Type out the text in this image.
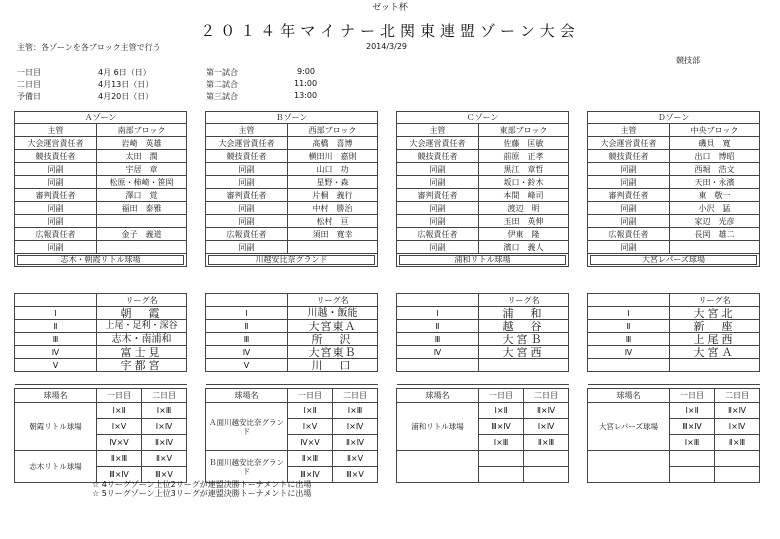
ゼット杯
２０１４年マイナー北関東連盟ゾーン大会
主管：各ゾーンを各ブロック主管で行う	2014/3/29
競技部
一日目	4月 6日（日）	第一試合	9:00
二日目	4月13日（日）	第二試合	11:00
予備日	4月20日（日）	第三試合	13:00
Ａゾーン	
主管	南部ブロック
大会運営責任者	岩崎　英雄
競技責任者	太田　潤
同副	宇居　章
同副	松原・柿崎・笹岡
審判責任者	澤口　覚
同副	福田　泰雅
同副	
広報責任者	金子　義道
同副	

志木・朝霞リトル球場	
Ｂゾーン	
主管	西部ブロック
大会運営責任者	髙橋　喜博
競技責任者	横田川　嘉則
同副	山口　功
同副	星野・森
審判責任者	片桐　義行
同副	中村　勝治
同副	松村　亘
広報責任者	須田　寛幸
同副	

川越安比奈グランド	
Ｃゾーン	
主管	東部ブロック
大会運営責任者	佐藤　匡敏
競技責任者	前原　正孝
同副	黒江　章哲
同副	坂口・鈴木
審判責任者	本間　峰司
同副	渡辺　明
同副	玉田　英伸
広報責任者	伊東　隆
同副	濱口　義人

浦和リトル球場	
Ｄゾーン	
主管	中央ブロック
大会運営責任者	磯貝　寛
競技責任者	出口　博昭
同副	西堀　浩文
同副	天田・永濱
審判責任者	東　敬一
同副	小沢　猛
同副	家辺　光彦
広報責任者	長岡　雄二
同副	

大宮レパーズ球場	
	リーグ名
Ⅰ	朝　霞
Ⅱ	上尾・足利・深谷
Ⅲ	志木・南浦和
Ⅳ	富士見
Ⅴ	宇都宮

球場名	一日目	二日目
朝霞リトル球場	Ⅰ×Ⅱ	Ⅰ×Ⅲ
	Ⅰ×Ⅴ	Ⅰ×Ⅳ
	Ⅳ×Ⅴ	Ⅱ×Ⅳ
志木リトル球場	Ⅱ×Ⅲ	Ⅱ×Ⅴ
	Ⅲ×Ⅳ	Ⅲ×Ⅴ
	リーグ名
Ⅰ	川越・飯能
Ⅱ	大宮東Ａ
Ⅲ	所　沢
Ⅳ	大宮東Ｂ
Ⅴ	川　口

球場名	一日目	二日目
Ａ面川越安比奈グランド	Ⅰ×Ⅱ	Ⅰ×Ⅲ
	Ⅰ×Ⅴ	Ⅰ×Ⅳ
	Ⅳ×Ⅴ	Ⅱ×Ⅳ
Ｂ面川越安比奈グランド	Ⅱ×Ⅲ	Ⅱ×Ⅴ
	Ⅲ×Ⅳ	Ⅲ×Ⅴ
	リーグ名
Ⅰ	浦　和
Ⅱ	越　谷
Ⅲ	大宮Ｂ
Ⅳ	大宮西

球場名	一日目	二日目
浦和リトル球場	Ⅰ×Ⅱ	Ⅱ×Ⅳ
	Ⅲ×Ⅳ	Ⅰ×Ⅳ
	Ⅰ×Ⅲ	Ⅱ×Ⅲ

	リーグ名
Ⅰ	大宮北
Ⅱ	新　座
Ⅲ	上尾西
Ⅳ	大宮Ａ

球場名	一日目	二日目
大宮レパーズ球場	Ⅰ×Ⅱ	Ⅱ×Ⅳ
	Ⅲ×Ⅳ	Ⅰ×Ⅳ
	Ⅰ×Ⅲ	Ⅱ×Ⅲ

☆ 4リーグゾーン上位2リーグが連盟決勝トーナメントに出場
☆ 5リーグゾーン上位3リーグが連盟決勝トーナメントに出場
